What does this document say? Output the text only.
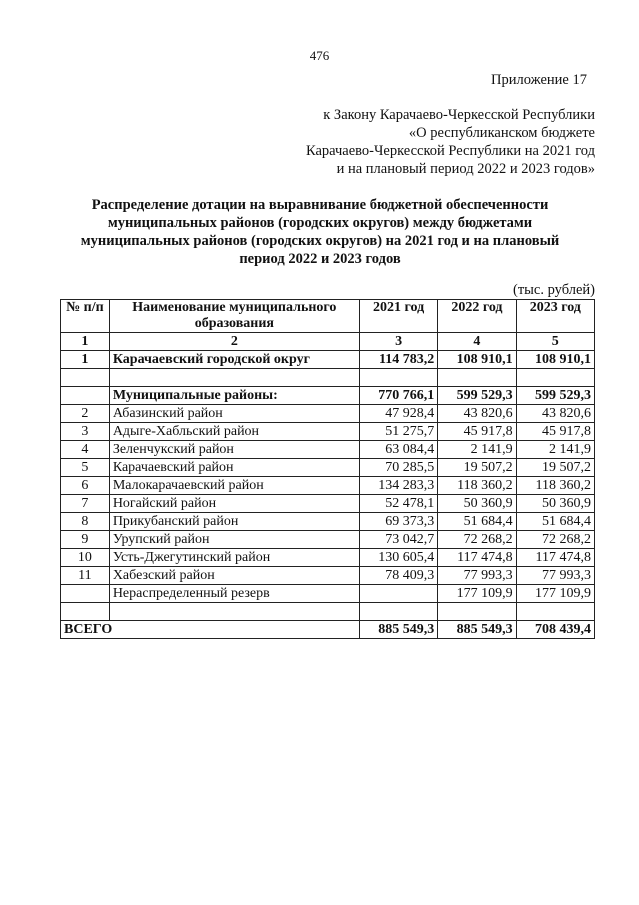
476
Приложение 17
к Закону Карачаево-Черкесской Республики
«О республиканском бюджете
Карачаево-Черкесской Республики на 2021 год
и на плановый период 2022 и 2023 годов»
Распределение дотации на выравнивание бюджетной обеспеченности муниципальных районов (городских округов) между бюджетами муниципальных районов (городских округов) на 2021 год и на плановый период 2022 и 2023 годов
(тыс. рублей)
№ п/п	Наименование муниципального образования	2021 год	2022 год	2023 год
1	2	3	4	5
1	Карачаевский городской округ	114 783,2	108 910,1	108 910,1

	Муниципальные районы:	770 766,1	599 529,3	599 529,3
2	Абазинский район	47 928,4	43 820,6	43 820,6
3	Адыге-Хабльский район	51 275,7	45 917,8	45 917,8
4	Зеленчукский район	63 084,4	2 141,9	2 141,9
5	Карачаевский район	70 285,5	19 507,2	19 507,2
6	Малокарачаевский район	134 283,3	118 360,2	118 360,2
7	Ногайский район	52 478,1	50 360,9	50 360,9
8	Прикубанский район	69 373,3	51 684,4	51 684,4
9	Урупский район	73 042,7	72 268,2	72 268,2
10	Усть-Джегутинский район	130 605,4	117 474,8	117 474,8
11	Хабезский район	78 409,3	77 993,3	77 993,3
	Нераспределенный резерв		177 109,9	177 109,9

ВСЕГО		885 549,3	885 549,3	708 439,4
